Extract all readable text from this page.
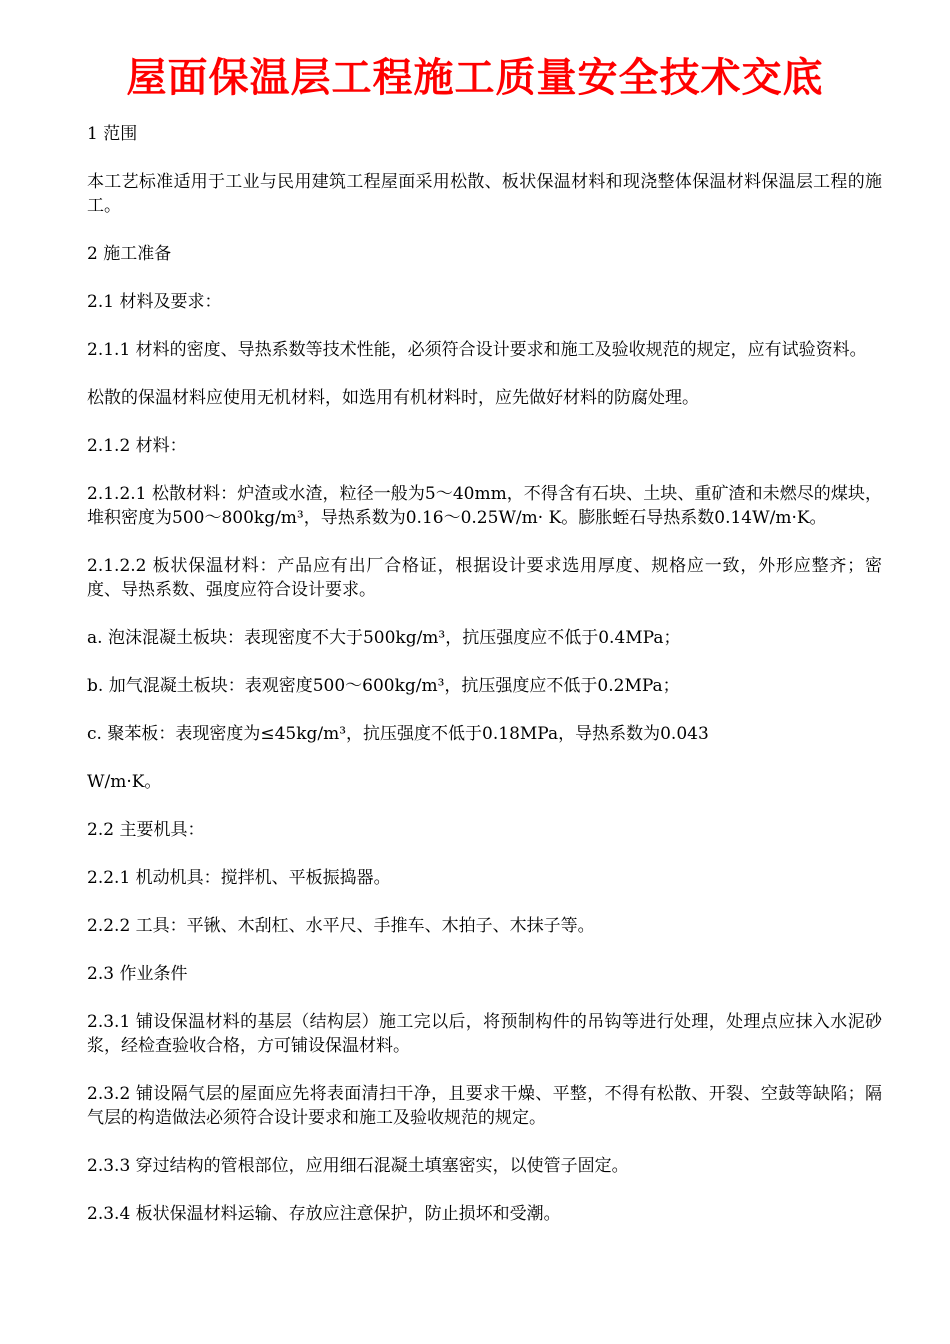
屋面保温层工程施工质量安全技术交底

1 范围

本工艺标准适用于工业与民用建筑工程屋面采用松散、板状保温材料和现浇整体保温材料保温层工程的施工。

2 施工准备

2.1 材料及要求：

2.1.1 材料的密度、导热系数等技术性能，必须符合设计要求和施工及验收规范的规定，应有试验资料。

松散的保温材料应使用无机材料，如选用有机材料时，应先做好材料的防腐处理。

2.1.2 材料：

2.1.2.1 松散材料：炉渣或水渣，粒径一般为5～40mm，不得含有石块、土块、重矿渣和未燃尽的煤块，堆积密度为500～800kg/m³，导热系数为0.16～0.25W/m· K。膨胀蛭石导热系数0.14W/m·K。

2.1.2.2 板状保温材料：产品应有出厂合格证，根据设计要求选用厚度、规格应一致，外形应整齐；密度、导热系数、强度应符合设计要求。

a. 泡沫混凝土板块：表现密度不大于500kg/m³，抗压强度应不低于0.4MPa；

b. 加气混凝土板块：表观密度500～600kg/m³，抗压强度应不低于0.2MPa；

c. 聚苯板：表现密度为≤45kg/m³，抗压强度不低于0.18MPa，导热系数为0.043

W/m·K。

2.2 主要机具：

2.2.1 机动机具：搅拌机、平板振捣器。

2.2.2 工具：平锹、木刮杠、水平尺、手推车、木拍子、木抹子等。

2.3 作业条件

2.3.1 铺设保温材料的基层（结构层）施工完以后，将预制构件的吊钩等进行处理，处理点应抹入水泥砂浆，经检查验收合格，方可铺设保温材料。

2.3.2 铺设隔气层的屋面应先将表面清扫干净，且要求干燥、平整，不得有松散、开裂、空鼓等缺陷；隔气层的构造做法必须符合设计要求和施工及验收规范的规定。

2.3.3 穿过结构的管根部位，应用细石混凝土填塞密实，以使管子固定。

2.3.4 板状保温材料运输、存放应注意保护，防止损坏和受潮。
